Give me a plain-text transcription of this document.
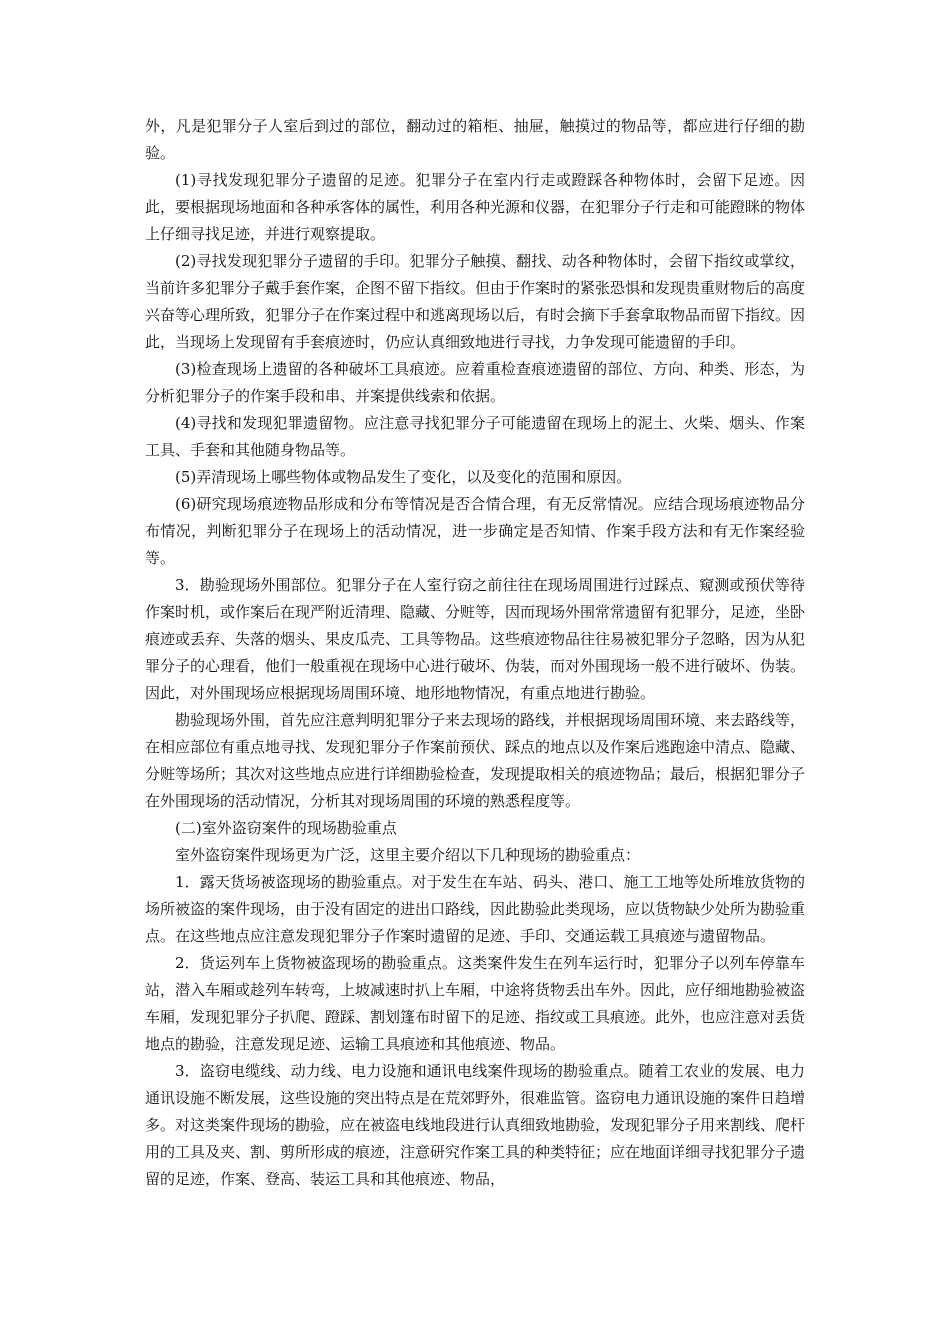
外，凡是犯罪分子人室后到过的部位，翻动过的箱柜、抽屉，触摸过的物品等，都应进行仔细的勘验。

(1)寻找发现犯罪分子遗留的足迹。犯罪分子在室内行走或蹬踩各种物体时，会留下足迹。因此，要根据现场地面和各种承客体的属性，利用各种光源和仪器，在犯罪分子行走和可能蹬眯的物体上仔细寻找足迹，并进行观察提取。

(2)寻找发现犯罪分子遗留的手印。犯罪分子触摸、翻找、动各种物体时，会留下指纹或掌纹，当前许多犯罪分子戴手套作案，企图不留下指纹。但由于作案时的紧张恐惧和发现贵重财物后的高度兴奋等心理所致，犯罪分子在作案过程中和逃离现场以后，有时会摘下手套拿取物品而留下指纹。因此，当现场上发现留有手套痕迹时，仍应认真细致地进行寻找，力争发现可能遗留的手印。

(3)检查现场上遗留的各种破坏工具痕迹。应着重检查痕迹遗留的部位、方向、种类、形态，为分析犯罪分子的作案手段和串、并案提供线索和依据。

(4)寻找和发现犯罪遗留物。应注意寻找犯罪分子可能遗留在现场上的泥土、火柴、烟头、作案工具、手套和其他随身物品等。

(5)弄清现场上哪些物体或物品发生了变化，以及变化的范围和原因。

(6)研究现场痕迹物品形成和分布等情况是否合情合理，有无反常情况。应结合现场痕迹物品分布情况，判断犯罪分子在现场上的活动情况，进一步确定是否知情、作案手段方法和有无作案经验等。

3．勘验现场外围部位。犯罪分子在人室行窃之前往往在现场周围进行过踩点、窥测或预伏等待作案时机，或作案后在现严附近清理、隐藏、分赃等，因而现场外围常常遗留有犯罪分，足迹，坐卧痕迹或丢弃、失落的烟头、果皮瓜壳、工具等物品。这些痕迹物品往往易被犯罪分子忽略，因为从犯罪分子的心理看，他们一般重视在现场中心进行破坏、伪装，而对外围现场一般不进行破坏、伪装。因此，对外围现场应根据现场周围环境、地形地物情况，有重点地进行勘验。

勘验现场外围，首先应注意判明犯罪分子来去现场的路线，并根据现场周围环境、来去路线等，在相应部位有重点地寻找、发现犯罪分子作案前预伏、踩点的地点以及作案后逃跑途中清点、隐藏、分赃等场所；其次对这些地点应进行详细勘验检查，发现提取相关的痕迹物品；最后，根据犯罪分子在外围现场的活动情况，分析其对现场周围的环境的熟悉程度等。

(二)室外盗窃案件的现场勘验重点

室外盗窃案件现场更为广泛，这里主要介绍以下几种现场的勘验重点：

1．露天货场被盗现场的勘验重点。对于发生在车站、码头、港口、施工工地等处所堆放货物的场所被盗的案件现场，由于没有固定的进出口路线，因此勘验此类现场，应以货物缺少处所为勘验重点。在这些地点应注意发现犯罪分子作案时遗留的足迹、手印、交通运载工具痕迹与遗留物品。

2．货运列车上货物被盗现场的勘验重点。这类案件发生在列车运行时，犯罪分子以列车停靠车站，潜入车厢或趁列车转弯，上坡减速时扒上车厢，中途将货物丢出车外。因此，应仔细地勘验被盗车厢，发现犯罪分子扒爬、蹬踩、割划篷布时留下的足迹、指纹或工具痕迹。此外，也应注意对丢货地点的勘验，注意发现足迹、运输工具痕迹和其他痕迹、物品。

3．盗窃电缆线、动力线、电力设施和通讯电线案件现场的勘验重点。随着工农业的发展、电力通讯设施不断发展，这些设施的突出特点是在荒郊野外，很难监管。盗窃电力通讯设施的案件日趋增多。对这类案件现场的勘验，应在被盗电线地段进行认真细致地勘验，发现犯罪分子用来割线、爬杆用的工具及夹、割、剪所形成的痕迹，注意研究作案工具的种类特征；应在地面详细寻找犯罪分子遗留的足迹，作案、登高、装运工具和其他痕迹、物品，
